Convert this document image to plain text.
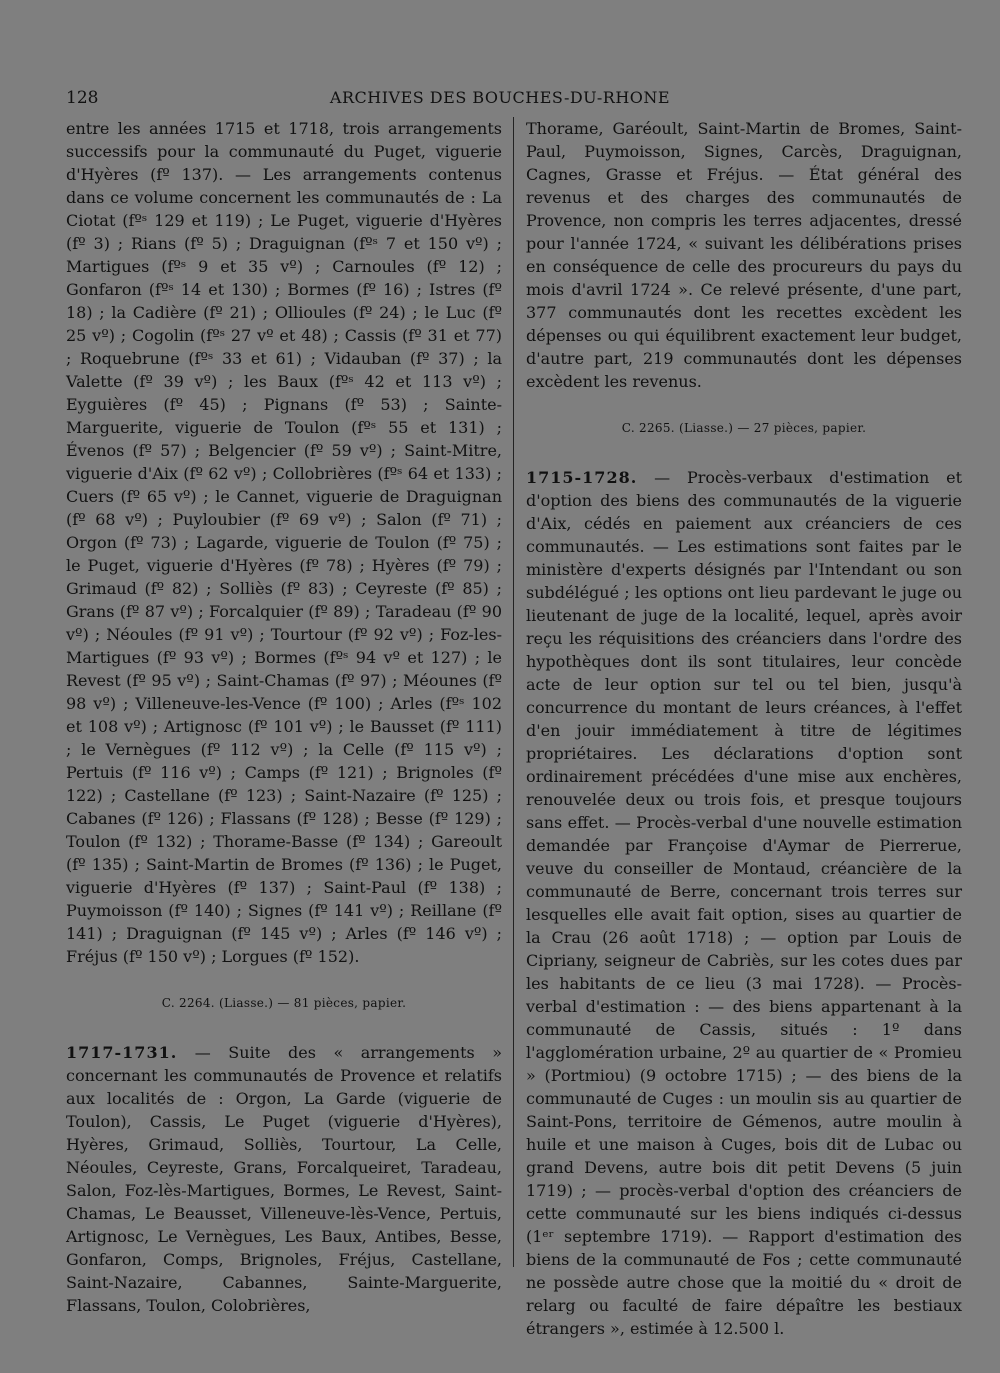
128	ARCHIVES DES BOUCHES-DU-RHONE

entre les années 1715 et 1718, trois arrangements successifs pour la communauté du Puget, viguerie d'Hyères (fº 137). — Les arrangements contenus dans ce volume concernent les communautés de : La Ciotat (fºˢ 129 et 119) ; Le Puget, viguerie d'Hyères (fº 3) ; Rians (fº 5) ; Draguignan (fºˢ 7 et 150 vº) ; Martigues (fºˢ 9 et 35 vº) ; Carnoules (fº 12) ; Gonfaron (fºˢ 14 et 130) ; Bormes (fº 16) ; Istres (fº 18) ; la Cadière (fº 21) ; Ollioules (fº 24) ; le Luc (fº 25 vº) ; Cogolin (fºˢ 27 vº et 48) ; Cassis (fº 31 et 77) ; Roquebrune (fºˢ 33 et 61) ; Vidauban (fº 37) ; la Valette (fº 39 vº) ; les Baux (fºˢ 42 et 113 vº) ; Eyguières (fº 45) ; Pignans (fº 53) ; Sainte-Marguerite, viguerie de Toulon (fºˢ 55 et 131) ; Évenos (fº 57) ; Belgencier (fº 59 vº) ; Saint-Mitre, viguerie d'Aix (fº 62 vº) ; Collobrières (fºˢ 64 et 133) ; Cuers (fº 65 vº) ; le Cannet, viguerie de Draguignan (fº 68 vº) ; Puyloubier (fº 69 vº) ; Salon (fº 71) ; Orgon (fº 73) ; Lagarde, viguerie de Toulon (fº 75) ; le Puget, viguerie d'Hyères (fº 78) ; Hyères (fº 79) ; Grimaud (fº 82) ; Solliès (fº 83) ; Ceyreste (fº 85) ; Grans (fº 87 vº) ; Forcalquier (fº 89) ; Taradeau (fº 90 vº) ; Néoules (fº 91 vº) ; Tourtour (fº 92 vº) ; Foz-les-Martigues (fº 93 vº) ; Bormes (fºˢ 94 vº et 127) ; le Revest (fº 95 vº) ; Saint-Chamas (fº 97) ; Méounes (fº 98 vº) ; Villeneuve-les-Vence (fº 100) ; Arles (fºˢ 102 et 108 vº) ; Artignosc (fº 101 vº) ; le Bausset (fº 111) ; le Vernègues (fº 112 vº) ; la Celle (fº 115 vº) ; Pertuis (fº 116 vº) ; Camps (fº 121) ; Brignoles (fº 122) ; Castellane (fº 123) ; Saint-Nazaire (fº 125) ; Cabanes (fº 126) ; Flassans (fº 128) ; Besse (fº 129) ; Toulon (fº 132) ; Thorame-Basse (fº 134) ; Gareoult (fº 135) ; Saint-Martin de Bromes (fº 136) ; le Puget, viguerie d'Hyères (fº 137) ; Saint-Paul (fº 138) ; Puymoisson (fº 140) ; Signes (fº 141 vº) ; Reillane (fº 141) ; Draguignan (fº 145 vº) ; Arles (fº 146 vº) ; Fréjus (fº 150 vº) ; Lorgues (fº 152).

C. 2264. (Liasse.) — 81 pièces, papier.

1717-1731. — Suite des « arrangements » concernant les communautés de Provence et relatifs aux localités de : Orgon, La Garde (viguerie de Toulon), Cassis, Le Puget (viguerie d'Hyères), Hyères, Grimaud, Solliès, Tourtour, La Celle, Néoules, Ceyreste, Grans, Forcalqueiret, Taradeau, Salon, Foz-lès-Martigues, Bormes, Le Revest, Saint-Chamas, Le Beausset, Villeneuve-lès-Vence, Pertuis, Artignosc, Le Vernègues, Les Baux, Antibes, Besse, Gonfaron, Comps, Brignoles, Fréjus, Castellane, Saint-Nazaire, Cabannes, Sainte-Marguerite, Flassans, Toulon, Colobrières,

Thorame, Garéoult, Saint-Martin de Bromes, Saint-Paul, Puymoisson, Signes, Carcès, Draguignan, Cagnes, Grasse et Fréjus. — État général des revenus et des charges des communautés de Provence, non compris les terres adjacentes, dressé pour l'année 1724, « suivant les délibérations prises en conséquence de celle des procureurs du pays du mois d'avril 1724 ». Ce relevé présente, d'une part, 377 communautés dont les recettes excèdent les dépenses ou qui équilibrent exactement leur budget, d'autre part, 219 communautés dont les dépenses excèdent les revenus.

C. 2265. (Liasse.) — 27 pièces, papier.

1715-1728. — Procès-verbaux d'estimation et d'option des biens des communautés de la viguerie d'Aix, cédés en paiement aux créanciers de ces communautés. — Les estimations sont faites par le ministère d'experts désignés par l'Intendant ou son subdélégué ; les options ont lieu pardevant le juge ou lieutenant de juge de la localité, lequel, après avoir reçu les réquisitions des créanciers dans l'ordre des hypothèques dont ils sont titulaires, leur concède acte de leur option sur tel ou tel bien, jusqu'à concurrence du montant de leurs créances, à l'effet d'en jouir immédiatement à titre de légitimes propriétaires. Les déclarations d'option sont ordinairement précédées d'une mise aux enchères, renouvelée deux ou trois fois, et presque toujours sans effet. — Procès-verbal d'une nouvelle estimation demandée par Françoise d'Aymar de Pierrerue, veuve du conseiller de Montaud, créancière de la communauté de Berre, concernant trois terres sur lesquelles elle avait fait option, sises au quartier de la Crau (26 août 1718) ; — option par Louis de Cipriany, seigneur de Cabriès, sur les cotes dues par les habitants de ce lieu (3 mai 1728). — Procès-verbal d'estimation : — des biens appartenant à la communauté de Cassis, situés : 1º dans l'agglomération urbaine, 2º au quartier de « Promieu » (Portmiou) (9 octobre 1715) ; — des biens de la communauté de Cuges : un moulin sis au quartier de Saint-Pons, territoire de Gémenos, autre moulin à huile et une maison à Cuges, bois dit de Lubac ou grand Devens, autre bois dit petit Devens (5 juin 1719) ; — procès-verbal d'option des créanciers de cette communauté sur les biens indiqués ci-dessus (1ᵉʳ septembre 1719). — Rapport d'estimation des biens de la communauté de Fos ; cette communauté ne possède autre chose que la moitié du « droit de relarg ou faculté de faire dépaître les bestiaux étrangers », estimée à 12.500 l.
